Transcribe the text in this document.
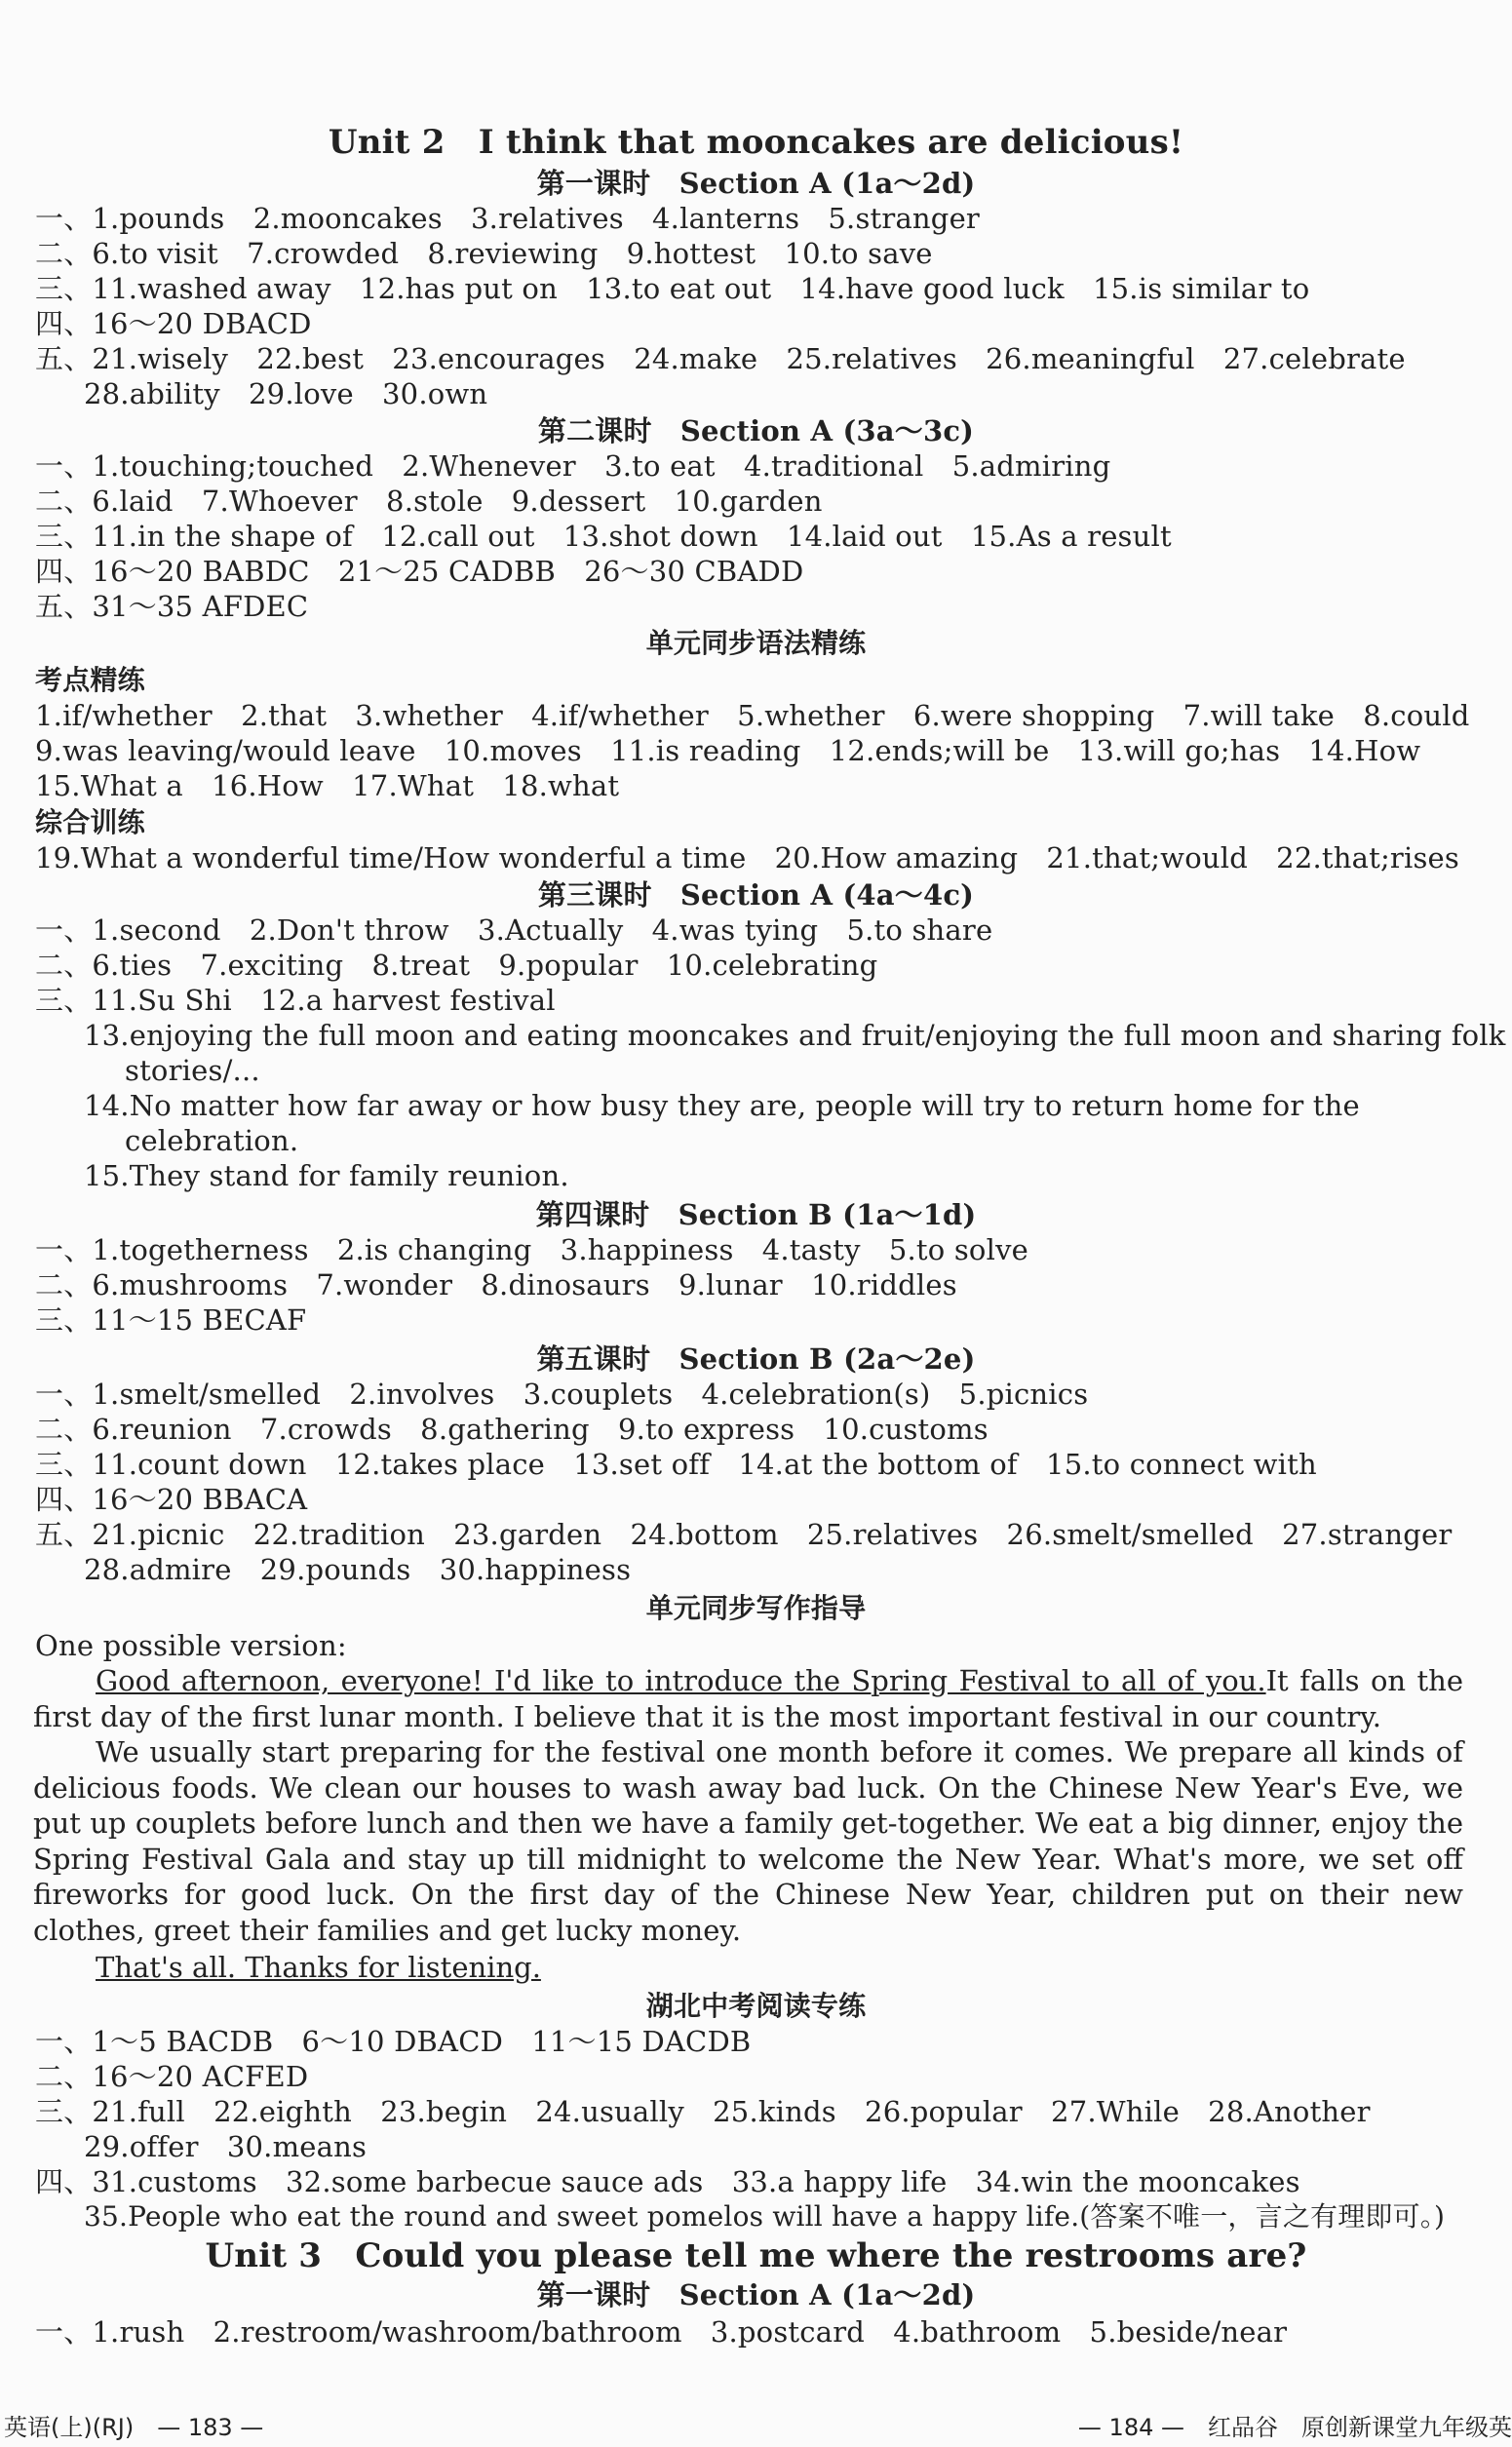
Unit 2　I think that mooncakes are delicious!
第一课时　Section A (1a～2d)
一、1.pounds　2.mooncakes　3.relatives　4.lanterns　5.stranger
二、6.to visit　7.crowded　8.reviewing　9.hottest　10.to save
三、11.washed away　12.has put on　13.to eat out　14.have good luck　15.is similar to
四、16～20 DBACD
五、21.wisely　22.best　23.encourages　24.make　25.relatives　26.meaningful　27.celebrate
28.ability　29.love　30.own
第二课时　Section A (3a～3c)
一、1.touching;touched　2.Whenever　3.to eat　4.traditional　5.admiring
二、6.laid　7.Whoever　8.stole　9.dessert　10.garden
三、11.in the shape of　12.call out　13.shot down　14.laid out　15.As a result
四、16～20 BABDC　21～25 CADBB　26～30 CBADD
五、31～35 AFDEC
单元同步语法精练
考点精练
1.if/whether　2.that　3.whether　4.if/whether　5.whether　6.were shopping　7.will take　8.could
9.was leaving/would leave　10.moves　11.is reading　12.ends;will be　13.will go;has　14.How
15.What a　16.How　17.What　18.what
综合训练
19.What a wonderful time/How wonderful a time　20.How amazing　21.that;would　22.that;rises
第三课时　Section A (4a～4c)
一、1.second　2.Don't throw　3.Actually　4.was tying　5.to share
二、6.ties　7.exciting　8.treat　9.popular　10.celebrating
三、11.Su Shi　12.a harvest festival
13.enjoying the full moon and eating mooncakes and fruit/enjoying the full moon and sharing folk
stories/...
14.No matter how far away or how busy they are, people will try to return home for the
celebration.
15.They stand for family reunion.
第四课时　Section B (1a～1d)
一、1.togetherness　2.is changing　3.happiness　4.tasty　5.to solve
二、6.mushrooms　7.wonder　8.dinosaurs　9.lunar　10.riddles
三、11～15 BECAF
第五课时　Section B (2a～2e)
一、1.smelt/smelled　2.involves　3.couplets　4.celebration(s)　5.picnics
二、6.reunion　7.crowds　8.gathering　9.to express　10.customs
三、11.count down　12.takes place　13.set off　14.at the bottom of　15.to connect with
四、16～20 BBACA
五、21.picnic　22.tradition　23.garden　24.bottom　25.relatives　26.smelt/smelled　27.stranger
28.admire　29.pounds　30.happiness
单元同步写作指导
One possible version:
Good afternoon, everyone! I'd like to introduce the Spring Festival to all of you.It falls on the first day of the first lunar month. I believe that it is the most important festival in our country.
We usually start preparing for the festival one month before it comes. We prepare all kinds of delicious foods. We clean our houses to wash away bad luck. On the Chinese New Year's Eve, we put up couplets before lunch and then we have a family get-together. We eat a big dinner, enjoy the Spring Festival Gala and stay up till midnight to welcome the New Year. What's more, we set off fireworks for good luck. On the first day of the Chinese New Year, children put on their new clothes, greet their families and get lucky money.
That's all. Thanks for listening.
湖北中考阅读专练
一、1～5 BACDB　6～10 DBACD　11～15 DACDB
二、16～20 ACFED
三、21.full　22.eighth　23.begin　24.usually　25.kinds　26.popular　27.While　28.Another
29.offer　30.means
四、31.customs　32.some barbecue sauce ads　33.a happy life　34.win the mooncakes
35.People who eat the round and sweet pomelos will have a happy life.(答案不唯一，言之有理即可。)
Unit 3　Could you please tell me where the restrooms are?
第一课时　Section A (1a～2d)
一、1.rush　2.restroom/washroom/bathroom　3.postcard　4.bathroom　5.beside/near
英语(上)(RJ)　— 183 —	— 184 —　红品谷　原创新课堂九年级英
